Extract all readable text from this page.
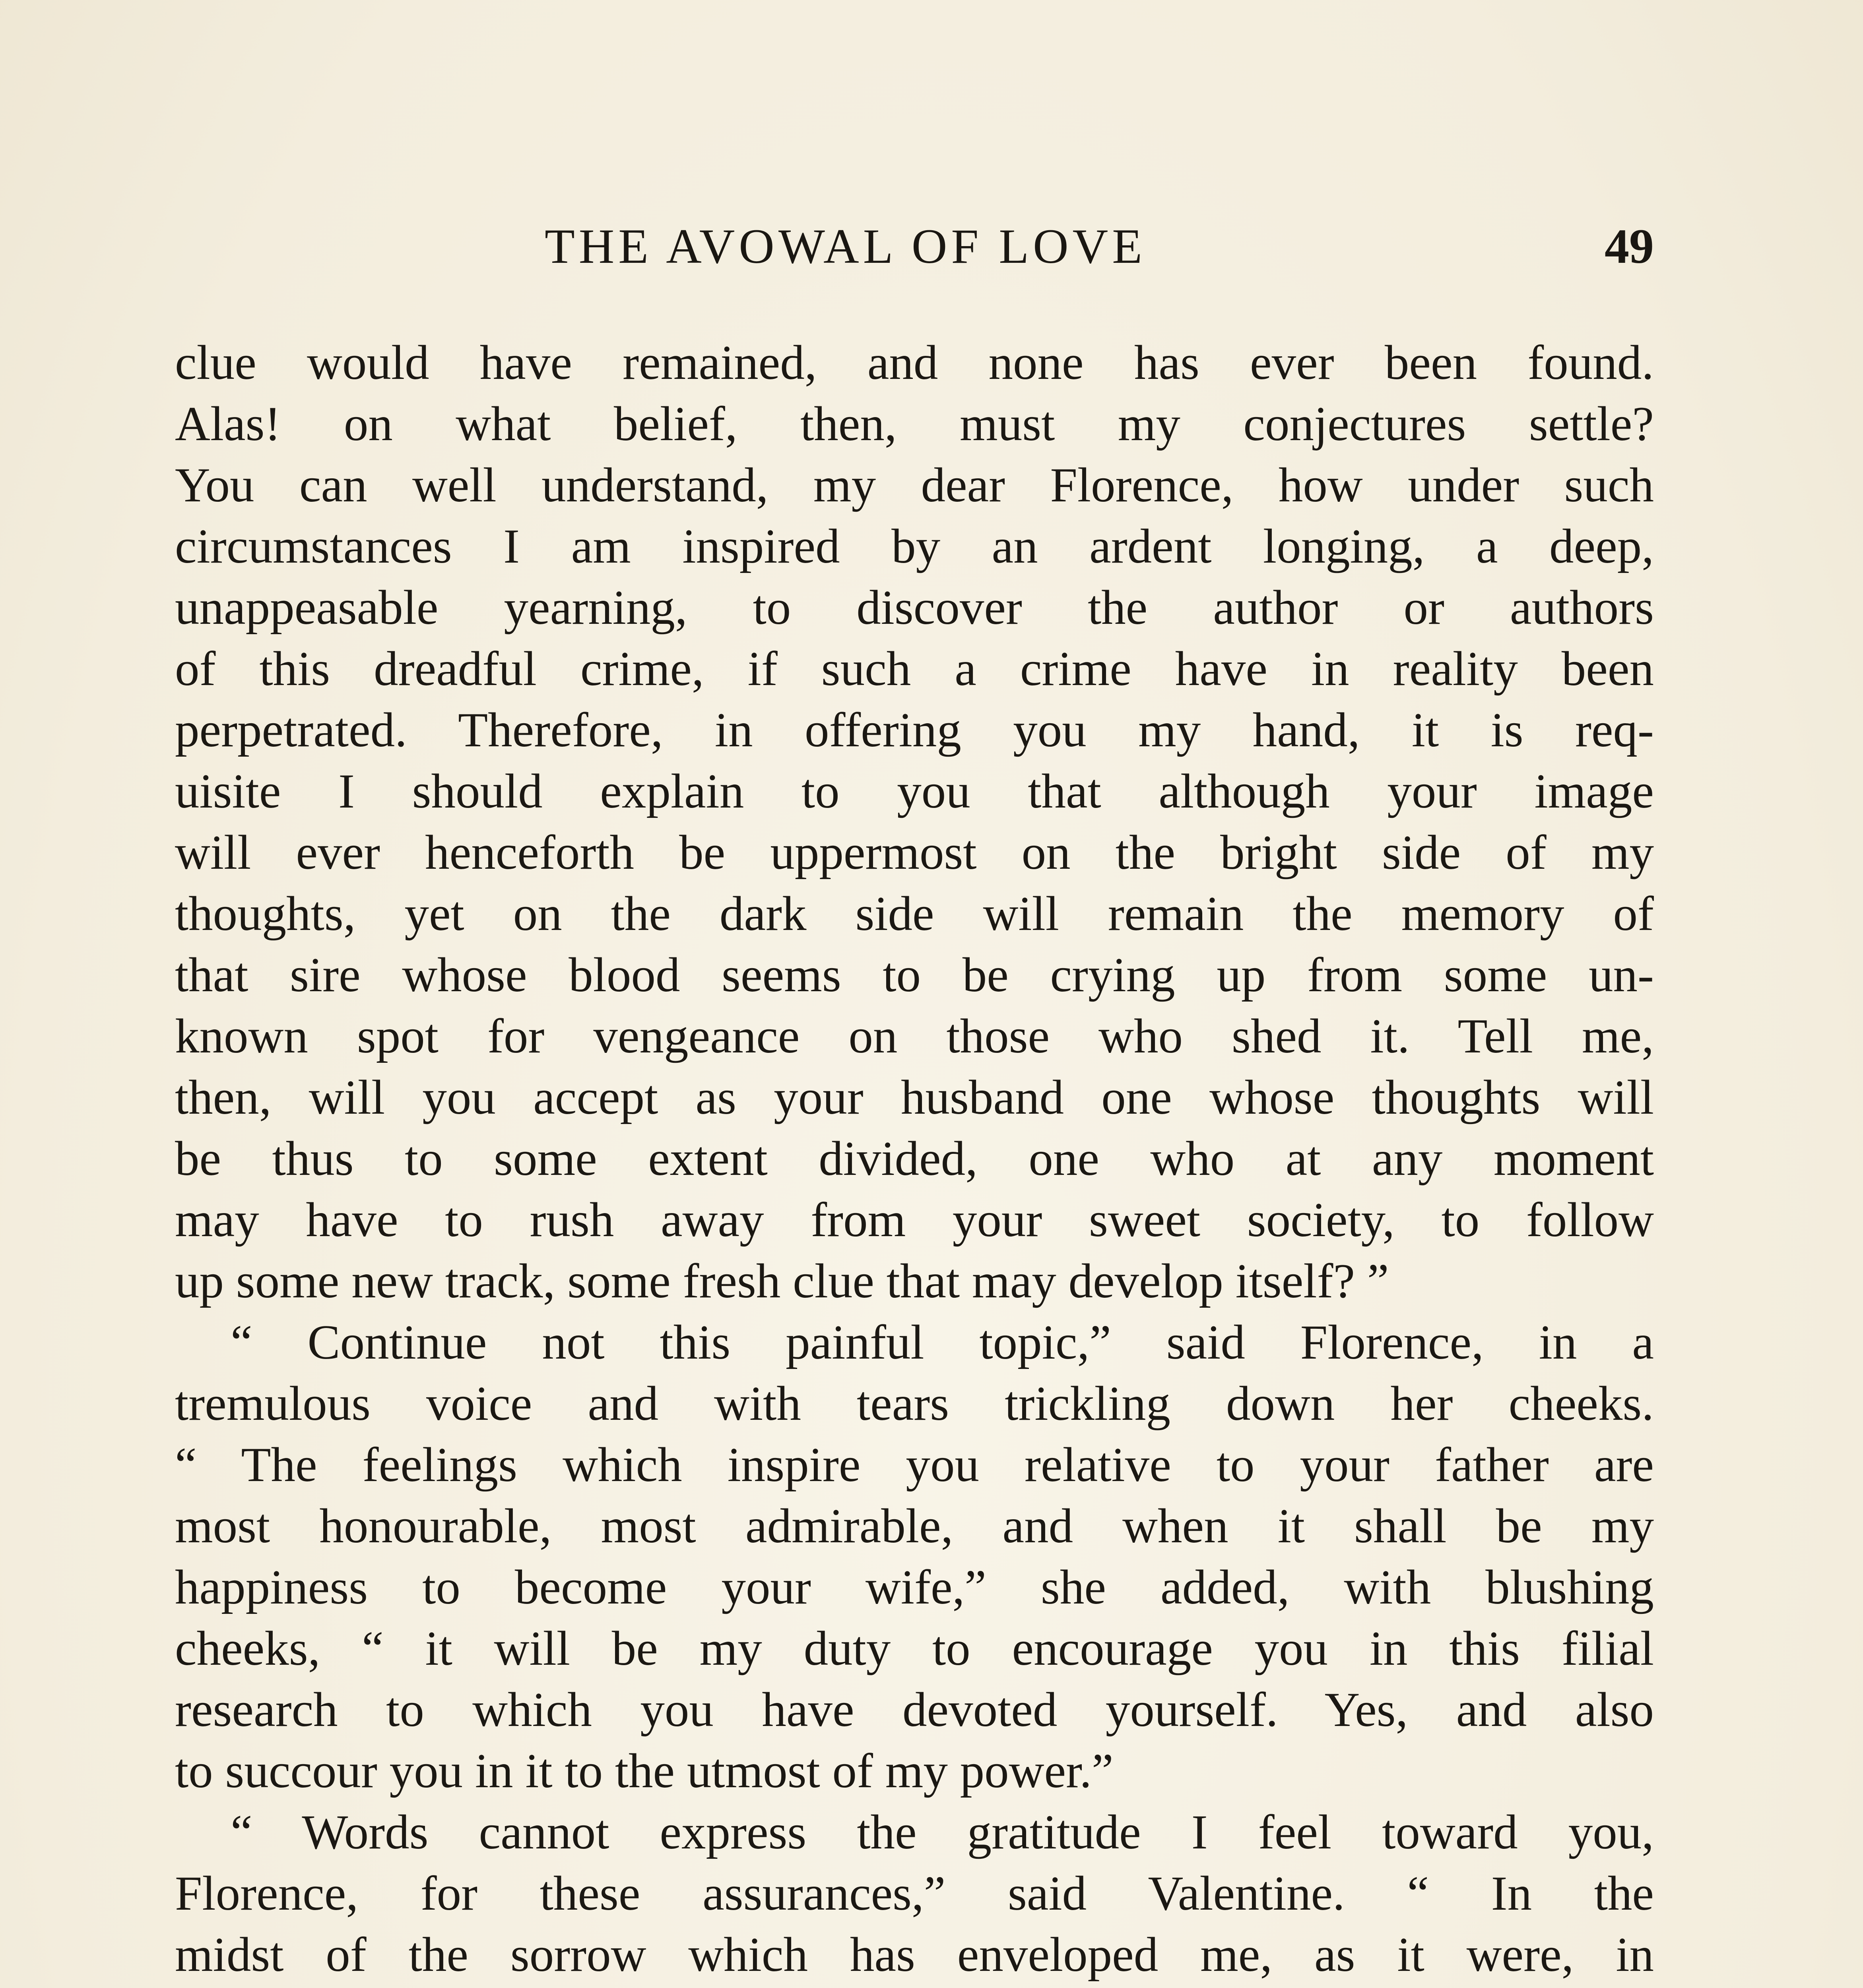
THE AVOWAL OF LOVE	49
clue would have remained, and none has ever been found.
Alas! on what belief, then, must my conjectures settle?
You can well understand, my dear Florence, how under such
circumstances I am inspired by an ardent longing, a deep,
unappeasable yearning, to discover the author or authors
of this dreadful crime, if such a crime have in reality been
perpetrated. Therefore, in offering you my hand, it is req-
uisite I should explain to you that although your image
will ever henceforth be uppermost on the bright side of my
thoughts, yet on the dark side will remain the memory of
that sire whose blood seems to be crying up from some un-
known spot for vengeance on those who shed it. Tell me,
then, will you accept as your husband one whose thoughts will
be thus to some extent divided, one who at any moment
may have to rush away from your sweet society, to follow
up some new track, some fresh clue that may develop itself? ”
“ Continue not this painful topic,” said Florence, in a
tremulous voice and with tears trickling down her cheeks.
“ The feelings which inspire you relative to your father are
most honourable, most admirable, and when it shall be my
happiness to become your wife,” she added, with blushing
cheeks, “ it will be my duty to encourage you in this filial
research to which you have devoted yourself. Yes, and also
to succour you in it to the utmost of my power.”
“ Words cannot express the gratitude I feel toward you,
Florence, for these assurances,” said Valentine. “ In the
midst of the sorrow which has enveloped me, as it were, in
